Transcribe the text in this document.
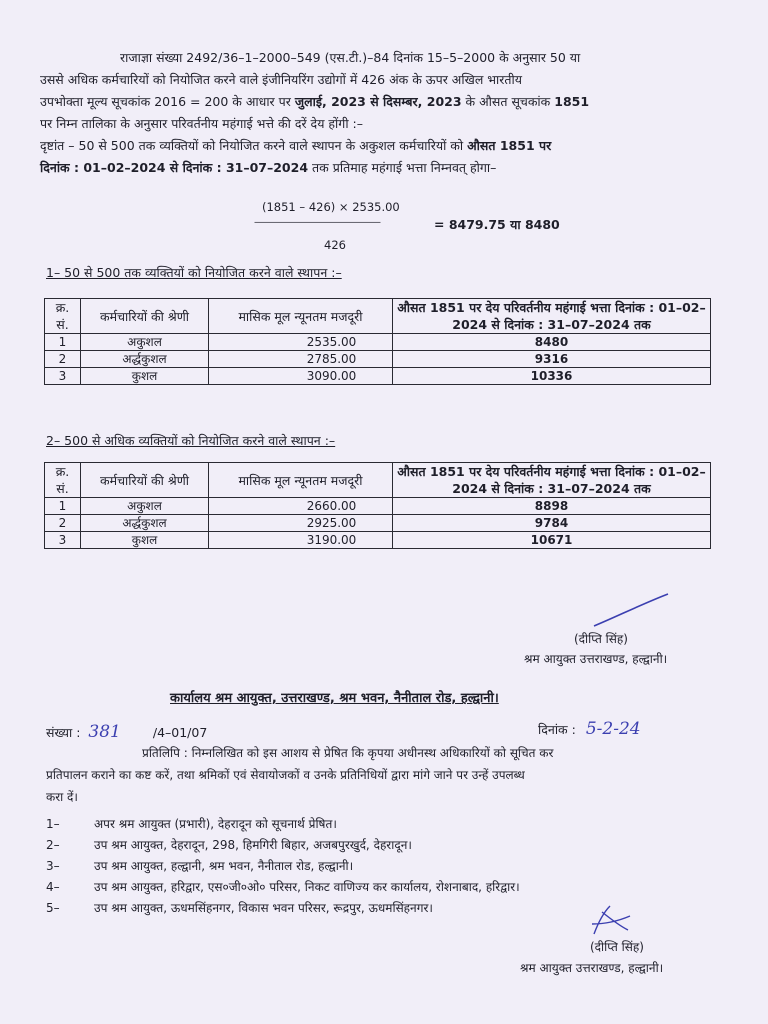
राजाज्ञा संख्या 2492/36–1–2000–549 (एस.टी.)–84 दिनांक 15–5–2000 के अनुसार 50 या
उससे अधिक कर्मचारियों को नियोजित करने वाले इंजीनियरिंग उद्योगों में 426 अंक के ऊपर अखिल भारतीय
उपभोक्ता मूल्य सूचकांक 2016 = 200 के आधार पर जुलाई, 2023 से दिसम्बर, 2023 के औसत सूचकांक 1851
पर निम्न तालिका के अनुसार परिवर्तनीय महंगाई भत्ते की दरें देय होंगी :–
दृष्टांत – 50 से 500 तक व्यक्तियों को नियोजित करने वाले स्थापन के अकुशल कर्मचारियों को औसत 1851 पर
दिनांक : 01–02–2024 से दिनांक : 31–07–2024 तक प्रतिमाह महंगाई भत्ता निम्नवत् होगा–
(1851 – 426) × 2535.00
——————————————	= 8479.75 या 8480
426
1– 50 से 500 तक व्यक्तियों को नियोजित करने वाले स्थापन :–
क्र. सं.	कर्मचारियों की श्रेणी	मासिक मूल न्यूनतम मजदूरी	औसत 1851 पर देय परिवर्तनीय महंगाई भत्ता दिनांक : 01–02–2024 से दिनांक : 31–07–2024 तक
1	अकुशल	2535.00	8480
2	अर्द्धकुशल	2785.00	9316
3	कुशल	3090.00	10336
2– 500 से अधिक व्यक्तियों को नियोजित करने वाले स्थापन :–
क्र. सं.	कर्मचारियों की श्रेणी	मासिक मूल न्यूनतम मजदूरी	औसत 1851 पर देय परिवर्तनीय महंगाई भत्ता दिनांक : 01–02–2024 से दिनांक : 31–07–2024 तक
1	अकुशल	2660.00	8898
2	अर्द्धकुशल	2925.00	9784
3	कुशल	3190.00	10671
(दीप्ति सिंह)
श्रम आयुक्त उत्तराखण्ड, हल्द्वानी।
कार्यालय श्रम आयुक्त, उत्तराखण्ड, श्रम भवन, नैनीताल रोड, हल्द्वानी।
संख्या : 381	/4–01/07	दिनांक : 5-2-24
प्रतिलिपि : निम्नलिखित को इस आशय से प्रेषित कि कृपया अधीनस्थ अधिकारियों को सूचित कर
प्रतिपालन कराने का कष्ट करें, तथा श्रमिकों एवं सेवायोजकों व उनके प्रतिनिधियों द्वारा मांगे जाने पर उन्हें उपलब्ध
करा दें।
1–	अपर श्रम आयुक्त (प्रभारी), देहरादून को सूचनार्थ प्रेषित।
2–	उप श्रम आयुक्त, देहरादून, 298, हिमगिरी बिहार, अजबपुरखुर्द, देहरादून।
3–	उप श्रम आयुक्त, हल्द्वानी, श्रम भवन, नैनीताल रोड, हल्द्वानी।
4–	उप श्रम आयुक्त, हरिद्वार, एस०जी०ओ० परिसर, निकट वाणिज्य कर कार्यालय, रोशनाबाद, हरिद्वार।
5–	उप श्रम आयुक्त, ऊधमसिंहनगर, विकास भवन परिसर, रूद्रपुर, ऊधमसिंहनगर।
(दीप्ति सिंह)
श्रम आयुक्त उत्तराखण्ड, हल्द्वानी।
